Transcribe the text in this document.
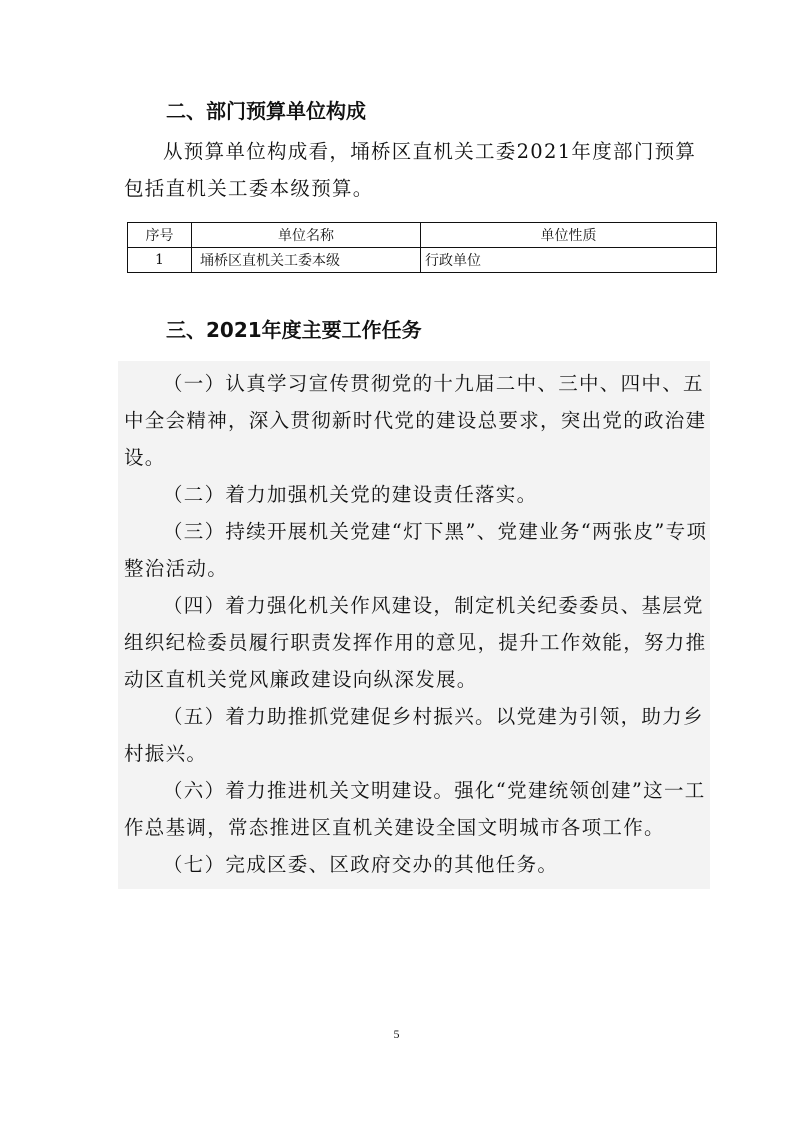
二、部门预算单位构成

从预算单位构成看，埇桥区直机关工委2021年度部门预算包括直机关工委本级预算。

序号	单位名称	单位性质
1	埇桥区直机关工委本级	行政单位
三、2021年度主要工作任务

（一）认真学习宣传贯彻党的十九届二中、三中、四中、五中全会精神，深入贯彻新时代党的建设总要求，突出党的政治建设。

（二）着力加强机关党的建设责任落实。

（三）持续开展机关党建“灯下黑”、党建业务“两张皮”专项整治活动。

（四）着力强化机关作风建设，制定机关纪委委员、基层党组织纪检委员履行职责发挥作用的意见，提升工作效能，努力推动区直机关党风廉政建设向纵深发展。

（五）着力助推抓党建促乡村振兴。以党建为引领，助力乡村振兴。

（六）着力推进机关文明建设。强化“党建统领创建”这一工作总基调，常态推进区直机关建设全国文明城市各项工作。

（七）完成区委、区政府交办的其他任务。

5
